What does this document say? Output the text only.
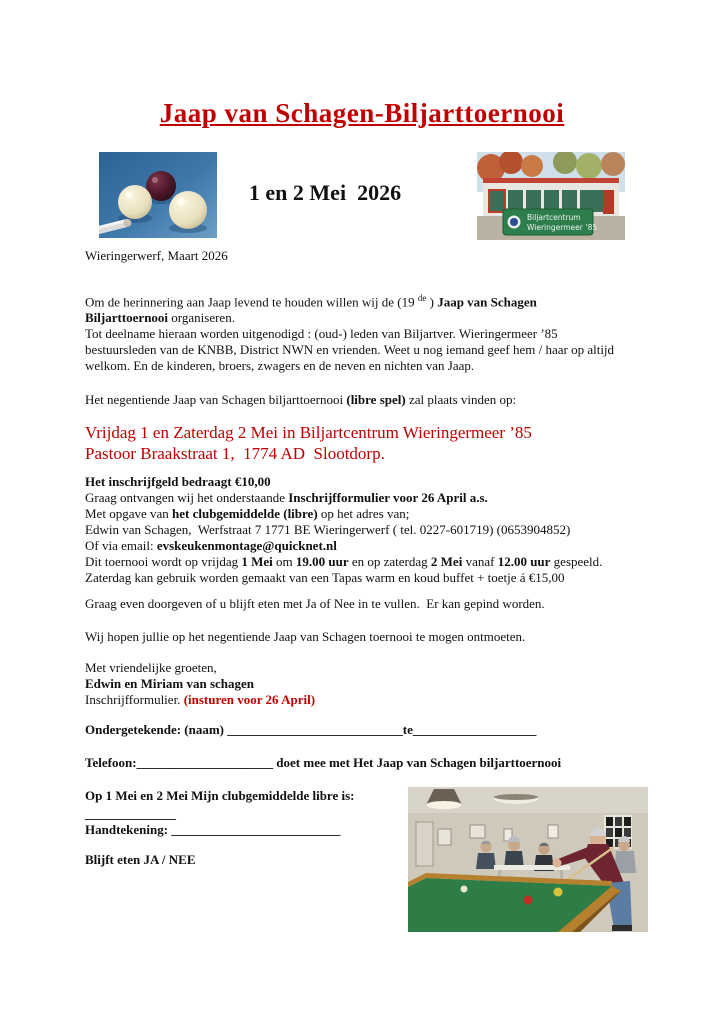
Jaap van Schagen-Biljarttoernooi
1 en 2 Mei  2026
Biljartcentrum
Wieringermeer ’85

Wieringerwerf, Maart 2026

Om de herinnering aan Jaap levend te houden willen wij de (19 $^{de}$ ) Jaap van Schagen
Biljarttoernooi organiseren.
Tot deelname hieraan worden uitgenodigd : (oud-) leden van Biljartver. Wieringermeer ’85
bestuursleden van de KNBB, District NWN en vrienden. Weet u nog iemand geef hem / haar op altijd
welkom. En de kinderen, broers, zwagers en de neven en nichten van Jaap.

Het negentiende Jaap van Schagen biljarttoernooi (libre spel) zal plaats vinden op:

Vrijdag 1 en Zaterdag 2 Mei in Biljartcentrum Wieringermeer ’85
Pastoor Braakstraat 1,  1774 AD  Slootdorp.

Het inschrijfgeld bedraagt €10,00
Graag ontvangen wij het onderstaande Inschrijfformulier voor 26 April a.s.
Met opgave van het clubgemiddelde (libre) op het adres van;
Edwin van Schagen,  Werfstraat 7 1771 BE Wieringerwerf ( tel. 0227-601719) (0653904852)
Of via email: evskeukenmontage@quicknet.nl
Dit toernooi wordt op vrijdag 1 Mei om 19.00 uur en op zaterdag 2 Mei vanaf 12.00 uur gespeeld.
Zaterdag kan gebruik worden gemaakt van een Tapas warm en koud buffet + toetje á €15,00

Graag even doorgeven of u blijft eten met Ja of Nee in te vullen.  Er kan gepind worden.

Wij hopen jullie op het negentiende Jaap van Schagen toernooi te mogen ontmoeten.

Met vriendelijke groeten,
Edwin en Miriam van schagen
Inschrijfformulier. (insturen voor 26 April)

Ondergetekende: (naam) ___________________________te___________________

Telefoon:_____________________ doet mee met Het Jaap van Schagen biljarttoernooi

Op 1 Mei en 2 Mei Mijn clubgemiddelde libre is:

______________

Handtekening: __________________________

Blijft eten JA / NEE
